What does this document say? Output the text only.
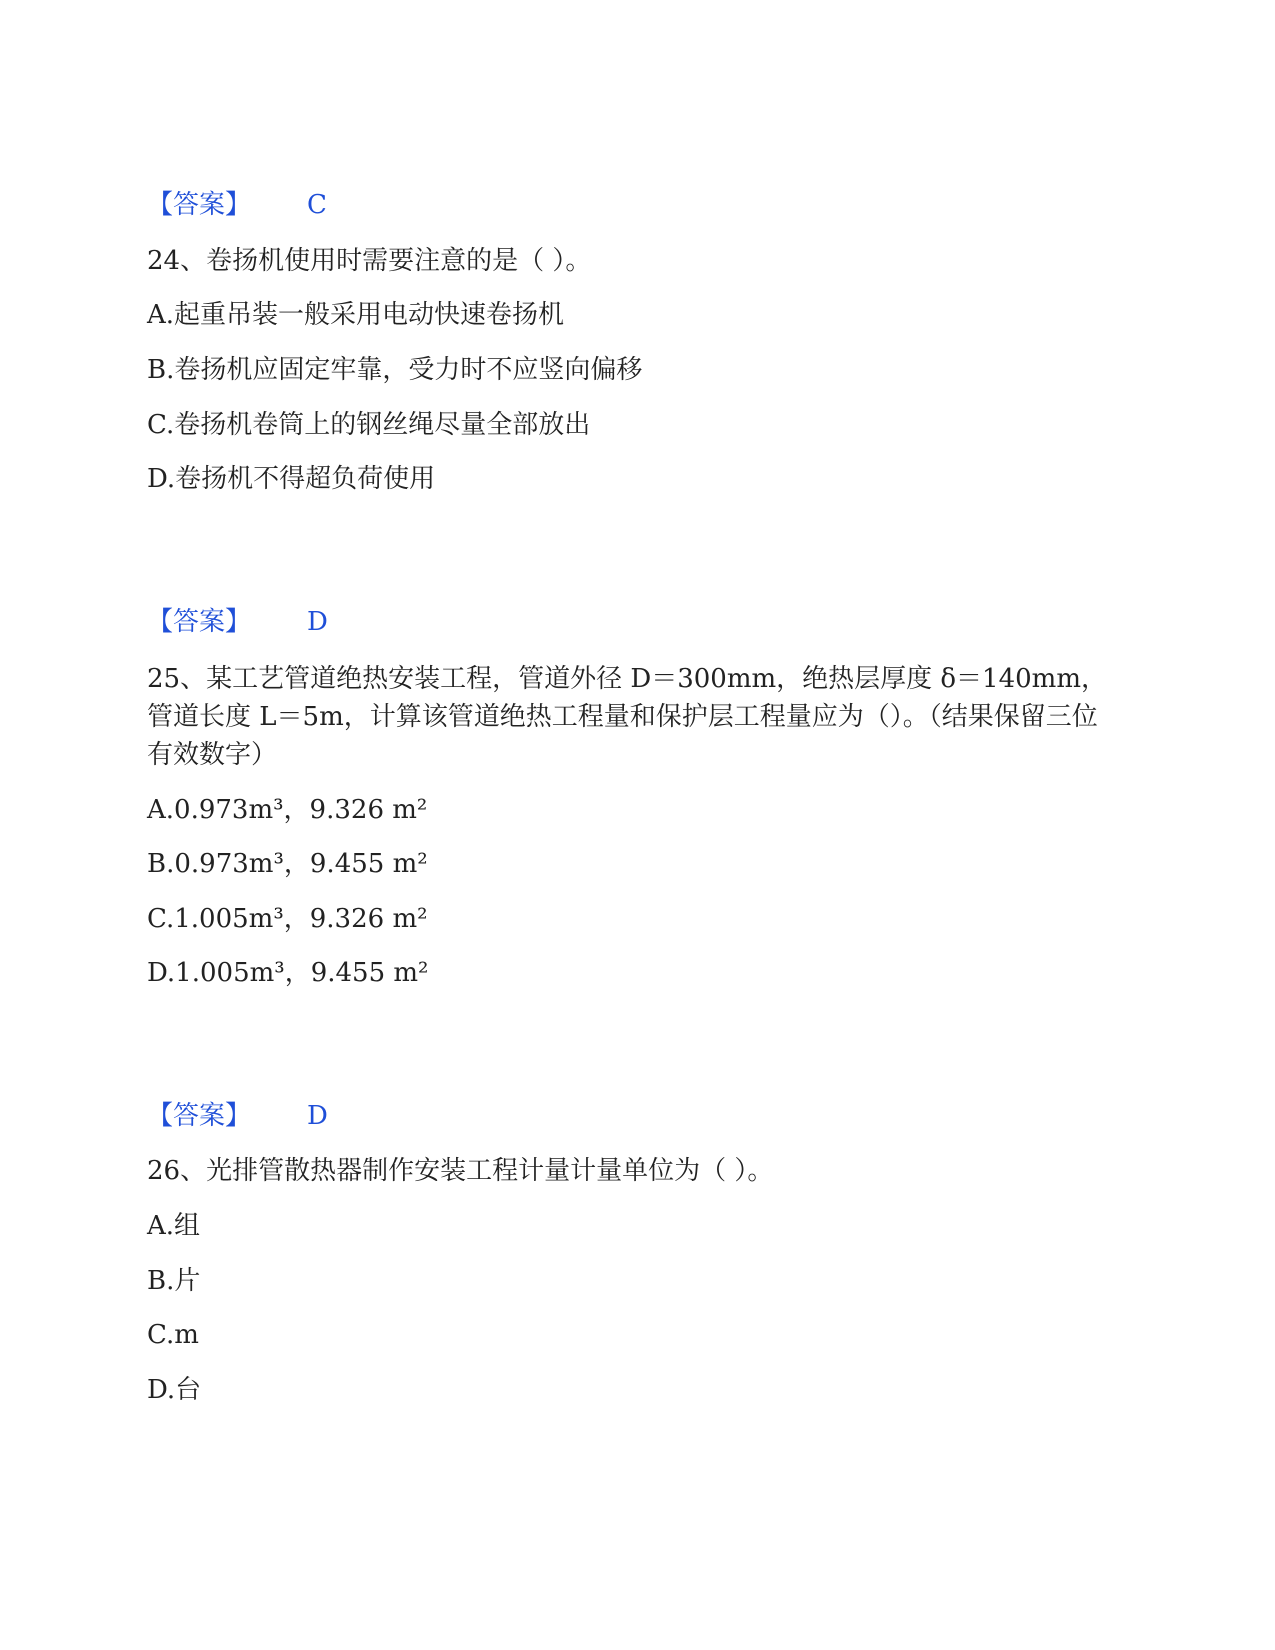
【答案】 C
24、卷扬机使用时需要注意的是（ ）。
A.起重吊装一般采用电动快速卷扬机
B.卷扬机应固定牢靠，受力时不应竖向偏移
C.卷扬机卷筒上的钢丝绳尽量全部放出
D.卷扬机不得超负荷使用
【答案】 D
25、某工艺管道绝热安装工程，管道外径 D＝300mm，绝热层厚度 δ＝140mm，管道长度 L＝5m，计算该管道绝热工程量和保护层工程量应为（）。（结果保留三位有效数字）
A.0.973m³，9.326 m²
B.0.973m³，9.455 m²
C.1.005m³，9.326 m²
D.1.005m³，9.455 m²
【答案】 D
26、光排管散热器制作安装工程计量计量单位为（ ）。
A.组
B.片
C.m
D.台
